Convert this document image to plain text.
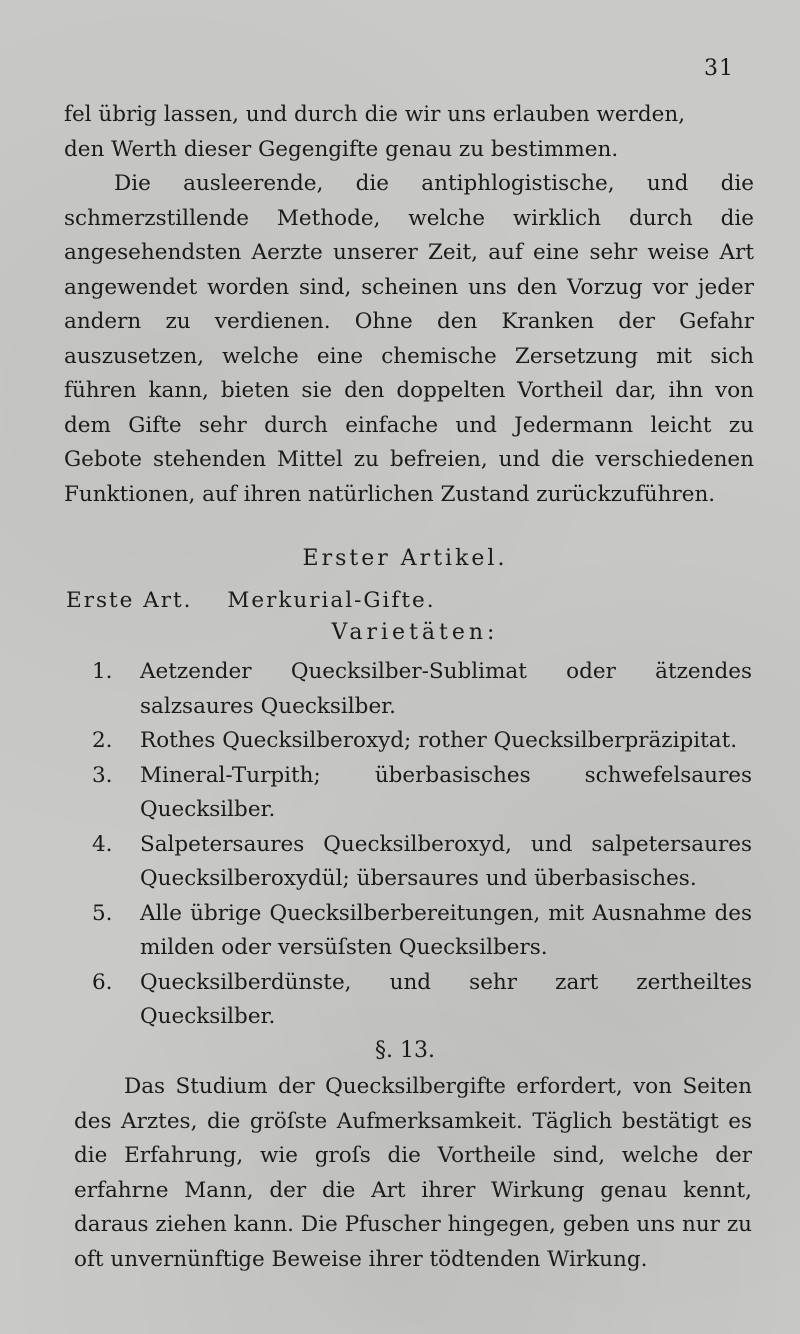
31

fel übrig lassen, und durch die wir uns erlauben werden,

den Werth dieser Gegengifte genau zu bestimmen.

Die ausleerende, die antiphlogistische, und die schmerzstillende Methode, welche wirklich durch die angesehendsten Aerzte unserer Zeit, auf eine sehr weise Art angewendet worden sind, scheinen uns den Vorzug vor jeder andern zu verdienen. Ohne den Kranken der Gefahr auszusetzen, welche eine chemische Zersetzung mit sich führen kann, bieten sie den doppelten Vortheil dar, ihn von dem Gifte sehr durch einfache und Jedermann leicht zu Gebote stehenden Mittel zu befreien, und die verschiedenen Funktionen, auf ihren natürlichen Zustand zurückzuführen.

Erster Artikel.
Erste Art. Merkurial-Gifte.
Varietäten:
1.	Aetzender Quecksilber-Sublimat oder ätzendes salzsaures Quecksilber.
2.	Rothes Quecksilberoxyd; rother Quecksilberpräzipitat.
3.	Mineral-Turpith; überbasisches schwefelsaures Quecksilber.
4.	Salpetersaures Quecksilberoxyd, und salpetersaures Quecksilberoxydül; übersaures und überbasisches.
5.	Alle übrige Quecksilberbereitungen, mit Ausnahme des milden oder versüſsten Quecksilbers.
6.	Quecksilberdünste, und sehr zart zertheiltes Quecksilber.
§. 13.

Das Studium der Quecksilbergifte erfordert, von Seiten des Arztes, die gröſste Aufmerksamkeit. Täglich bestätigt es die Erfahrung, wie groſs die Vortheile sind, welche der erfahrne Mann, der die Art ihrer Wirkung genau kennt, daraus ziehen kann. Die Pfuscher hingegen, geben uns nur zu oft unvernünftige Beweise ihrer tödtenden Wirkung.
